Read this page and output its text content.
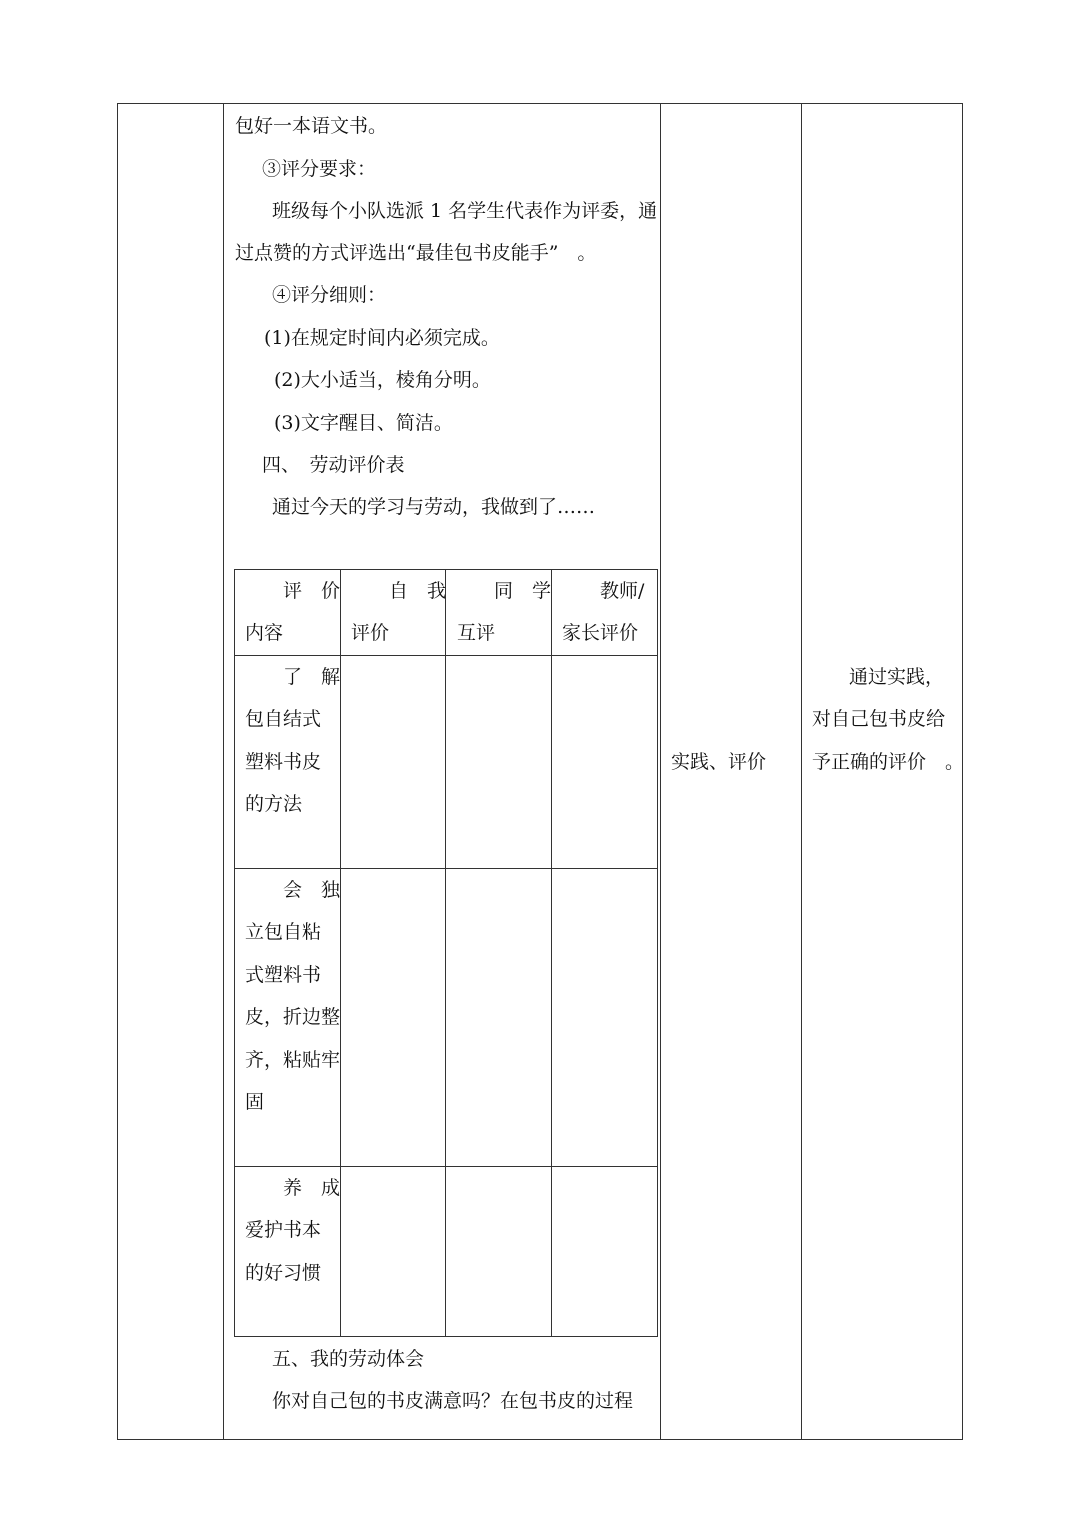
包好一本语文书。
③评分要求：
班级每个小队选派 1 名学生代表作为评委，通
过点赞的方式评选出“最佳包书皮能手”　。
④评分细则：
(1)在规定时间内必须完成。
(2)大小适当，棱角分明。
(3)文字醒目、简洁。
四、　劳动评价表
通过今天的学习与劳动，我做到了……
五、我的劳动体会
你对自己包的书皮满意吗？在包书皮的过程
评　价
内容
自　我
评价
同　学
互评
教师/
家长评价
了　解
包自结式
塑料书皮
的方法
会　独
立包自粘
式塑料书
皮，折边整
齐，粘贴牢
固
养　成
爱护书本
的好习惯
实践、评价
通过实践，
对自己包书皮给
予正确的评价　。
